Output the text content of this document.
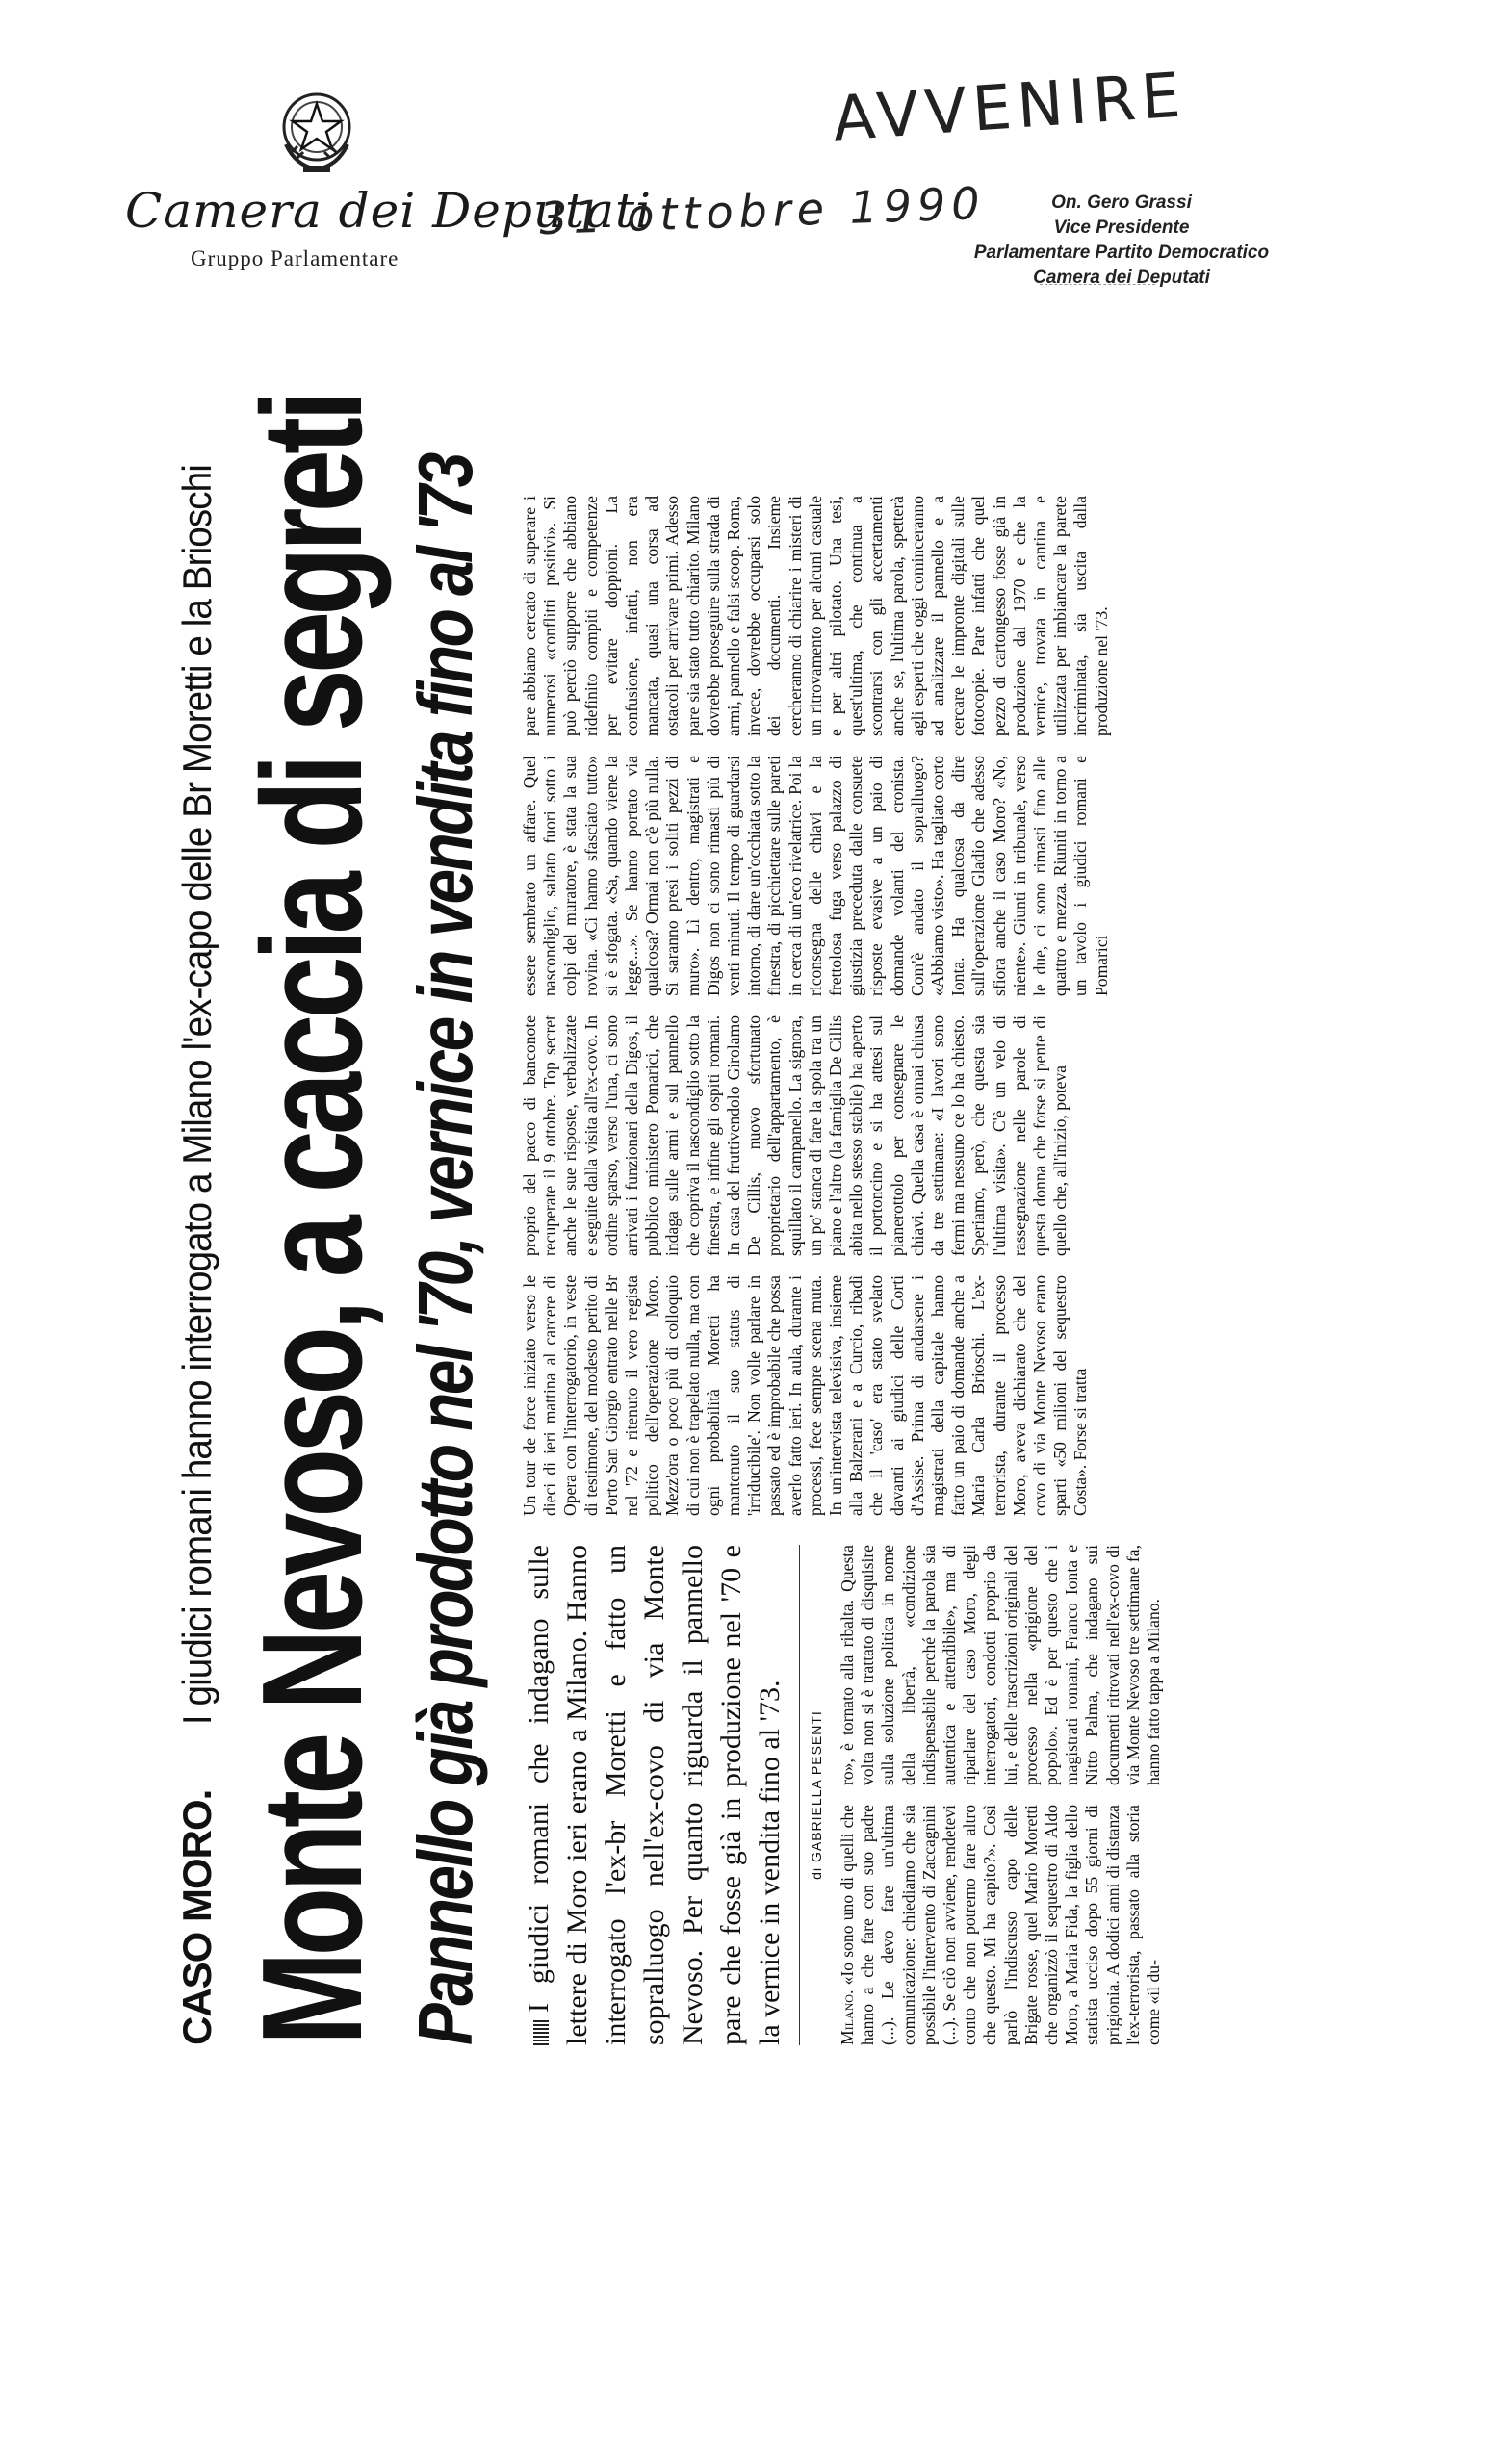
Camera dei Deputati
Gruppo Parlamentare
31 ottobre 1990
AVVENIRE
On. Gero Grassi
Vice Presidente
Parlamentare Partito Democratico
Camera dei Deputati
CASO MORO. I giudici romani hanno interrogato a Milano l'ex-capo delle Br Moretti e la Brioschi Monte Nevoso, a caccia di segreti Pannello già prodotto nel '70, vernice in vendita fino al '73 I giudici romani che indagano sulle lettere di Moro ieri erano a Milano. Hanno interrogato l'ex-br Moretti e fatto un sopralluogo nell'ex-covo di via Monte Nevoso. Per quanto riguarda il pannello pare che fosse già in produzione nel '70 e la vernice in vendita fino al '73. di GABRIELLA PESENTI
Milano. «Io sono uno di quelli che hanno a che fare con suo padre (...). Le devo fare un'ultima comunicazione: chiediamo che sia possibile l'intervento di Zaccagnini (...). Se ciò non avviene, rendetevi conto che non potremo fare altro che questo. Mi ha capito?». Così parlò l'indiscusso capo delle Brigate rosse, quel Mario Moretti che organizzò il sequestro di Aldo Moro, a Maria Fida, la figlia dello statista ucciso dopo 55 giorni di prigionia. A dodici anni di distanza l'ex-terrorista, passato alla storia come «il du-
ro», è tornato alla ribalta. Questa volta non si è trattato di disquisire sulla soluzione politica in nome della libertà, «condizione indispensabile perché la parola sia autentica e attendibile», ma di riparlare del caso Moro, degli interrogatori, condotti proprio da lui, e delle trascrizioni originali del processo nella «prigione del popolo». Ed è per questo che i magistrati romani, Franco Ionta e Nitto Palma, che indagano sui documenti ritrovati nell'ex-covo di via Monte Nevoso tre settimane fa, hanno fatto tappa a Milano.
Un tour de force iniziato verso le dieci di ieri mattina al carcere di Opera con l'interrogatorio, in veste di testimone, del modesto perito di Porto San Giorgio entrato nelle Br nel '72 e ritenuto il vero regista politico dell'operazione Moro. Mezz'ora o poco più di colloquio di cui non è trapelato nulla, ma con ogni probabilità Moretti ha mantenuto il suo status di 'irriducibile'. Non volle parlare in passato ed è improbabile che possa averlo fatto ieri. In aula, durante i processi, fece sempre scena muta. In un'intervista televisiva, insieme alla Balzerani e a Curcio, ribadì che il 'caso' era stato svelato davanti ai giudici delle Corti d'Assise. Prima di andarsene i magistrati della capitale hanno fatto un paio di domande anche a Maria Carla Brioschi. L'ex-terrorista, durante il processo Moro, aveva dichiarato che del covo di via Monte Nevoso erano sparti «50 milioni del sequestro Costa». Forse si tratta
proprio del pacco di banconote recuperate il 9 ottobre. Top secret anche le sue risposte, verbalizzate e seguite dalla visita all'ex-covo. In ordine sparso, verso l'una, ci sono arrivati i funzionari della Digos, il pubblico ministero Pomarici, che indaga sulle armi e sul pannello che copriva il nascondiglio sotto la finestra, e infine gli ospiti romani. In casa del fruttivendolo Girolamo De Cillis, nuovo sfortunato proprietario dell'appartamento, è squillato il campanello. La signora, un po' stanca di fare la spola tra un piano e l'altro (la famiglia De Cillis abita nello stesso stabile) ha aperto il portoncino e si ha attesi sul pianerottolo per consegnare le chiavi. Quella casa è ormai chiusa da tre settimane: «I lavori sono fermi ma nessuno ce lo ha chiesto. Speriamo, però, che questa sia l'ultima visita». C'è un velo di rassegnazione nelle parole di questa donna che forse si pente di quello che, all'inizio, poteva
essere sembrato un affare. Quel nascondiglio, saltato fuori sotto i colpi del muratore, è stata la sua rovina. «Ci hanno sfasciato tutto» si è sfogata. «Sa, quando viene la legge...». Se hanno portato via qualcosa? Ormai non c'è più nulla. Si saranno presi i soliti pezzi di muro». Lì dentro, magistrati e Digos non ci sono rimasti più di venti minuti. Il tempo di guardarsi intorno, di dare un'occhiata sotto la finestra, di picchiettare sulle pareti in cerca di un'eco rivelatrice. Poi la riconsegna delle chiavi e la frettolosa fuga verso palazzo di giustizia preceduta dalle consuete risposte evasive a un paio di domande volanti del cronista. Com'è andato il sopralluogo? «Abbiamo visto». Ha tagliato corto Ionta. Ha qualcosa da dire sull'operazione Gladio che adesso sfiora anche il caso Moro? «No, niente». Giunti in tribunale, verso le due, ci sono rimasti fino alle quattro e mezza. Riuniti in torno a un tavolo i giudici romani e Pomarici
pare abbiano cercato di superare i numerosi «conflitti positivi». Si può perciò supporre che abbiano ridefinito compiti e competenze per evitare doppioni. La confusione, infatti, non era mancata, quasi una corsa ad ostacoli per arrivare primi. Adesso pare sia stato tutto chiarito. Milano dovrebbe proseguire sulla strada di armi, pannello e falsi scoop. Roma, invece, dovrebbe occuparsi solo dei documenti. Insieme cercheranno di chiarire i misteri di un ritrovamento per alcuni casuale e per altri pilotato. Una tesi, quest'ultima, che continua a scontrarsi con gli accertamenti anche se, l'ultima parola, spetterà agli esperti che oggi cominceranno ad analizzare il pannello e a cercare le impronte digitali sulle fotocopie. Pare infatti che quel pezzo di cartongesso fosse già in produzione dal 1970 e che la vernice, trovata in cantina e utilizzata per imbiancare la parete incriminata, sia uscita dalla produzione nel '73.
